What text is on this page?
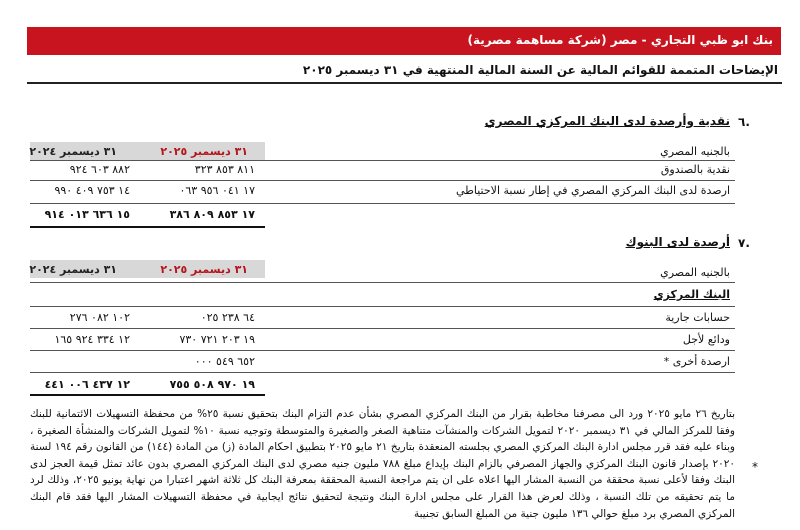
بنك ابو ظبي التجاري - مصر (شركة مساهمة مصرية)
الإيضاحات المتممة للقوائم المالية عن السنة المالية المنتهية في ٣١ ديسمبر ٢٠٢٥
٦.
نقدية وأرصدة لدى البنك المركزي المصري
٣١ ديسمبر ٢٠٢٥
٣١ ديسمبر ٢٠٢٤	بالجنيه المصري
نقدية بالصندوق
٨١١ ٨٥٣ ٣٢٣
٨٨٢ ٦٠٣ ٩٢٤
ارصدة لدى البنك المركزي المصري في إطار نسبة الاحتياطي
١٧ ٠٤١ ٩٥٦ ٠٦٣
١٤ ٧٥٣ ٤٠٩ ٩٩٠
١٧ ٨٥٣ ٨٠٩ ٣٨٦
١٥ ٦٣٦ ٠١٣ ٩١٤
٧.
أرصدة لدى البنوك
٣١ ديسمبر ٢٠٢٥
٣١ ديسمبر ٢٠٢٤	بالجنيه المصري
البنك المركزي
حسابات جارية
٦٤ ٢٣٨ ٠٢٥
١٠٢ ٠٨٢ ٢٧٦
ودائع لأجل
١٩ ٢٠٣ ٧٢١ ٧٣٠
١٢ ٣٣٤ ٩٢٤ ١٦٥
ارصدة أخرى *
٦٥٢ ٥٤٩ ٠٠٠
١٩ ٩٧٠ ٥٠٨ ٧٥٥
١٢ ٤٣٧ ٠٠٦ ٤٤١
*

بتاريخ ٢٦ مايو ٢٠٢٥ ورد الى مصرفنا مخاطبة بقرار من البنك المركزي المصري بشأن عدم التزام البنك بتحقيق نسبة ٢٥% من محفظة التسهيلات الائتمانية للبنك وفقا للمركز المالي في ٣١ ديسمبر ٢٠٢٠ لتمويل الشركات والمنشآت متناهية الصغر والصغيرة والمتوسطة وتوجيه نسبة ١٠% لتمويل الشركات والمنشأة الصغيرة ، وبناء عليه فقد قرر مجلس ادارة البنك المركزي المصري بجلسته المنعقدة بتاريخ ٢١ مايو ٢٠٢٥ بتطبيق احكام المادة (ز) من المادة (١٤٤) من القانون رقم ١٩٤ لسنة ٢٠٢٠ بإصدار قانون البنك المركزي والجهاز المصرفي بالزام البنك بإيداع مبلغ ٧٨٨ مليون جنيه مصري لدى البنك المركزي المصري بدون عائد تمثل قيمة العجز لدى البنك وفقا لأعلى نسبة محققة من النسبة المشار اليها اعلاه على ان يتم مراجعة النسبة المحققة بمعرفة البنك كل ثلاثة اشهر اعتبارا من نهاية يونيو ٢٠٢٥، وذلك لرد ما يتم تحقيقه من تلك النسبة ، وذلك لعرض هذا القرار على مجلس ادارة البنك ونتيجة لتحقيق نتائج ايجابية في محفظة التسهيلات المشار اليها فقد قام البنك المركزي المصري برد مبلغ حوالي ١٣٦ مليون جنية من المبلغ السابق تجنيبة
